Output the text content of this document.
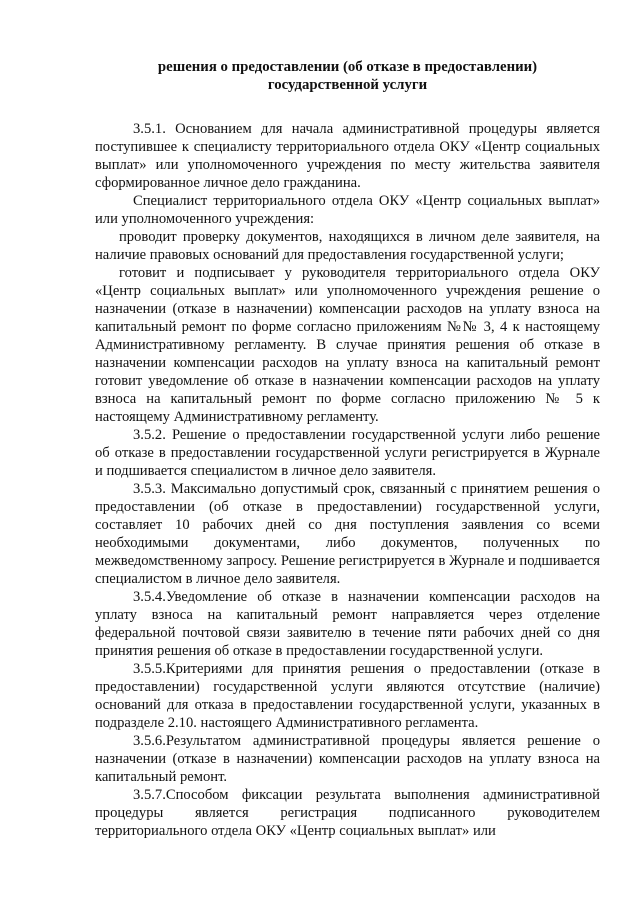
решения о предоставлении (об отказе в предоставлении)
государственной услуги

3.5.1. Основанием для начала административной процедуры является поступившее к специалисту территориального отдела ОКУ «Центр социальных выплат» или уполномоченного учреждения по месту жительства заявителя сформированное личное дело гражданина.

Специалист территориального отдела ОКУ «Центр социальных выплат» или уполномоченного учреждения:

проводит проверку документов, находящихся в личном деле заявителя, на наличие правовых оснований для предоставления государственной услуги;

готовит и подписывает у руководителя территориального отдела ОКУ «Центр социальных выплат» или уполномоченного учреждения решение о назначении (отказе в назначении) компенсации расходов на уплату взноса на капитальный ремонт по форме согласно приложениям №№ 3, 4 к настоящему Административному регламенту. В случае принятия решения об отказе в назначении компенсации расходов на уплату взноса на капитальный ремонт готовит уведомление об отказе в назначении компенсации расходов на уплату взноса на капитальный ремонт по форме согласно приложению № 5 к настоящему Административному регламенту.

3.5.2. Решение о предоставлении государственной услуги либо решение об отказе в предоставлении государственной услуги регистрируется в Журнале и подшивается специалистом в личное дело заявителя.

3.5.3. Максимально допустимый срок, связанный с принятием решения о предоставлении (об отказе в предоставлении) государственной услуги, составляет 10 рабочих дней со дня поступления заявления со всеми необходимыми документами, либо документов, полученных по межведомственному запросу. Решение регистрируется в Журнале и подшивается специалистом в личное дело заявителя.

3.5.4.Уведомление об отказе в назначении компенсации расходов на уплату взноса на капитальный ремонт направляется через отделение федеральной почтовой связи заявителю в течение пяти рабочих дней со дня принятия решения об отказе в предоставлении государственной услуги.

3.5.5.Критериями для принятия решения о предоставлении (отказе в предоставлении) государственной услуги являются отсутствие (наличие) оснований для отказа в предоставлении государственной услуги, указанных в подразделе 2.10. настоящего Административного регламента.

3.5.6.Результатом административной процедуры является решение о назначении (отказе в назначении) компенсации расходов на уплату взноса на капитальный ремонт.

3.5.7.Способом фиксации результата выполнения административной процедуры является регистрация подписанного руководителем территориального отдела ОКУ «Центр социальных выплат» или
